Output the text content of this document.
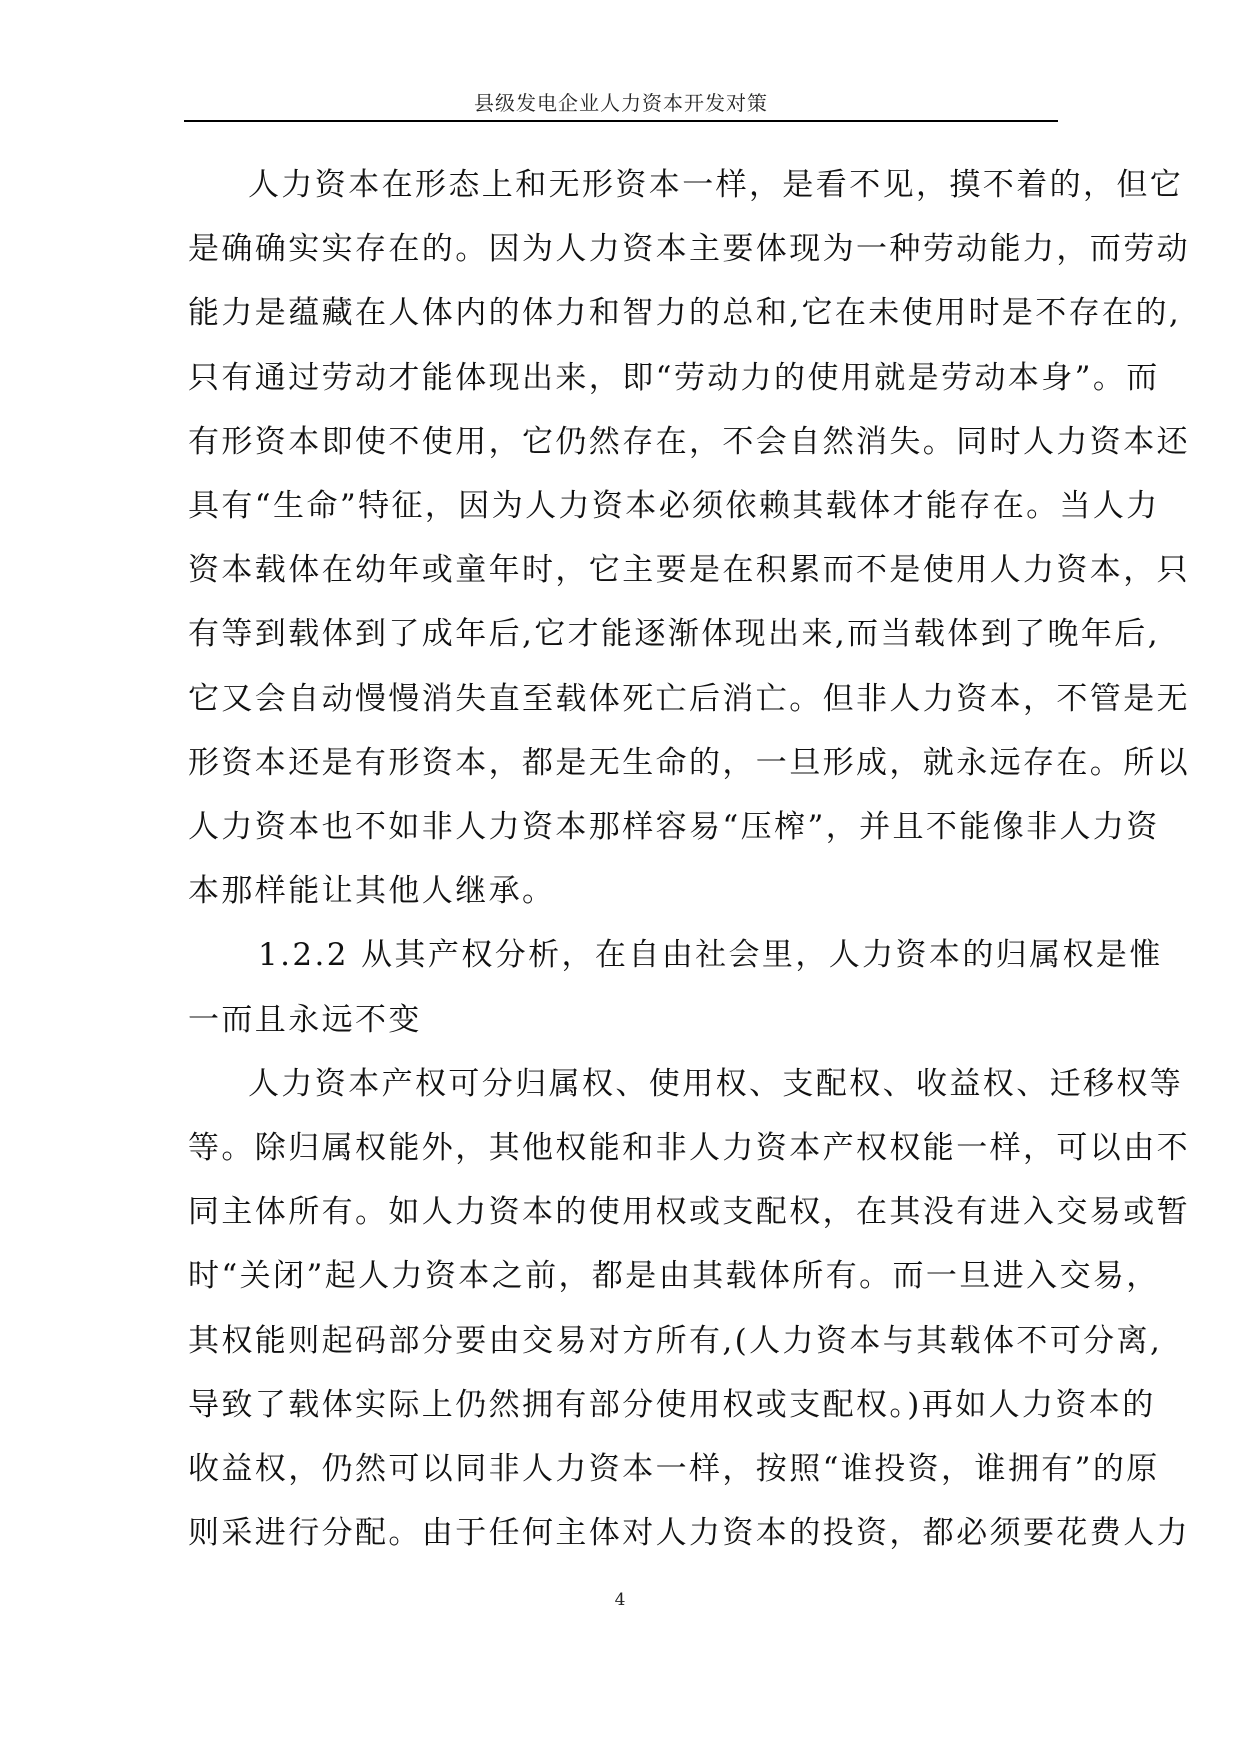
县级发电企业人力资本开发对策

人力资本在形态上和无形资本一样，是看不见，摸不着的，但它
是确确实实存在的。因为人力资本主要体现为一种劳动能力，而劳动
能力是蕴藏在人体内的体力和智力的总和,它在未使用时是不存在的,
只有通过劳动才能体现出来，即“劳动力的使用就是劳动本身”。而
有形资本即使不使用，它仍然存在，不会自然消失。同时人力资本还
具有“生命”特征，因为人力资本必须依赖其载体才能存在。当人力
资本载体在幼年或童年时，它主要是在积累而不是使用人力资本，只
有等到载体到了成年后,它才能逐渐体现出来,而当载体到了晚年后,
它又会自动慢慢消失直至载体死亡后消亡。但非人力资本，不管是无
形资本还是有形资本，都是无生命的，一旦形成，就永远存在。所以
人力资本也不如非人力资本那样容易“压榨”，并且不能像非人力资
本那样能让其他人继承。

1.2.2 从其产权分析，在自由社会里，人力资本的归属权是惟
一而且永远不变

人力资本产权可分归属权、使用权、支配权、收益权、迁移权等
等。除归属权能外，其他权能和非人力资本产权权能一样，可以由不
同主体所有。如人力资本的使用权或支配权，在其没有进入交易或暂
时“关闭”起人力资本之前，都是由其载体所有。而一旦进入交易，
其权能则起码部分要由交易对方所有,(人力资本与其载体不可分离,
导致了载体实际上仍然拥有部分使用权或支配权。)再如人力资本的
收益权，仍然可以同非人力资本一样，按照“谁投资，谁拥有”的原
则采进行分配。由于任何主体对人力资本的投资，都必须要花费人力

4
